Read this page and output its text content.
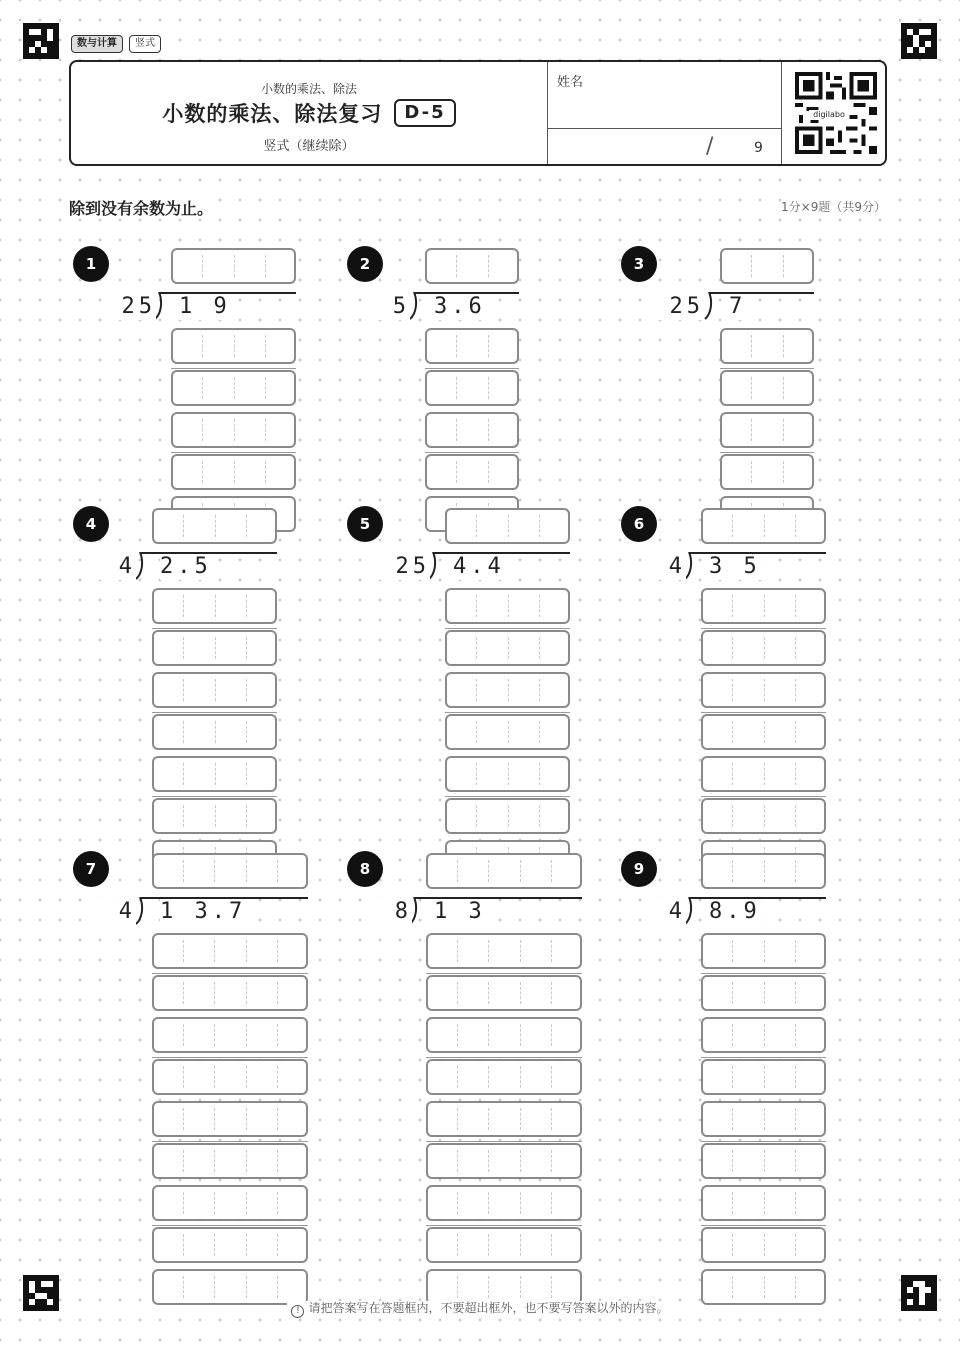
数与计算	竖式
小数的乘法、除法
小数的乘法、除法复习	D-5
竖式（继续除）
姓名
/	9
digilabo
除到没有余数为止。	1分×9题（共9分）
1
25 1 9
2
5 3.6
3
25 7
4
4 2.5
5
25 4.4
6
4 3 5
7
4 1 3.7
8
8 1 3
9
4 8.9
! 请把答案写在答题框内，不要超出框外，也不要写答案以外的内容。
